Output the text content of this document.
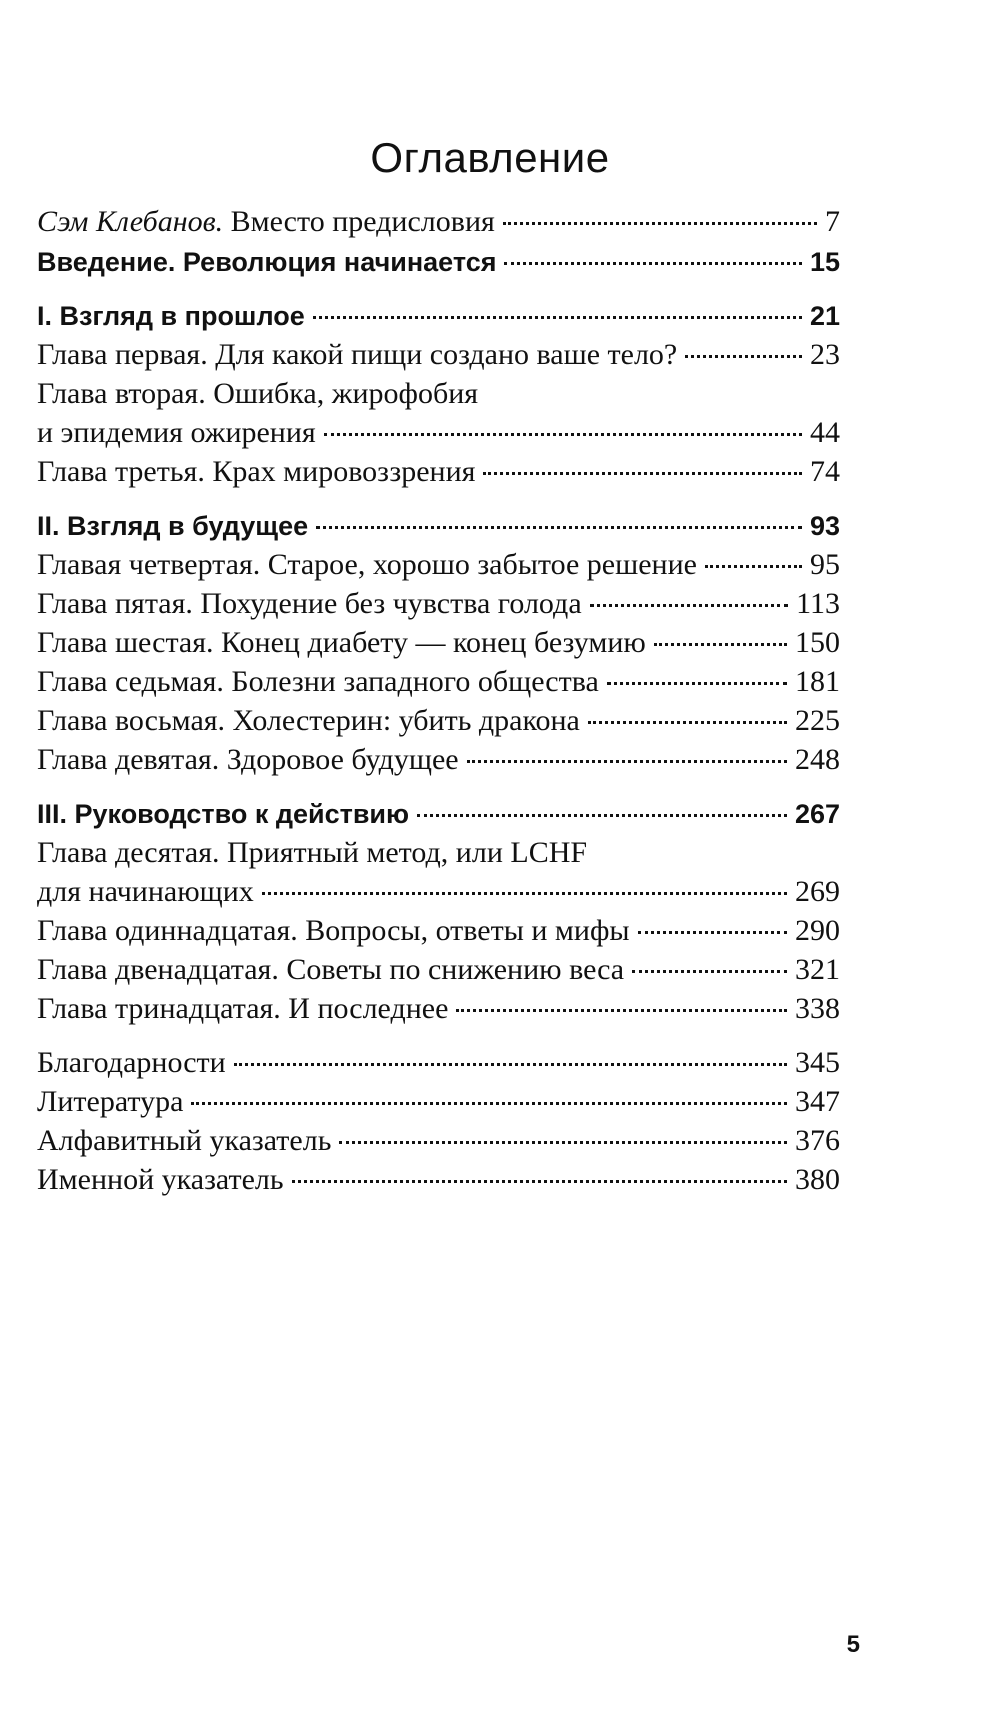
Оглавление
Сэм Клебанов. Вместо предисловия	7
Введение. Революция начинается	15
I. Взгляд в прошлое	21
Глава первая. Для какой пищи создано ваше тело?	23
Глава вторая. Ошибка, жирофобия
и эпидемия ожирения	44
Глава третья. Крах мировоззрения	74
II. Взгляд в будущее	93
Главая четвертая. Старое, хорошо забытое решение	95
Глава пятая. Похудение без чувства голода	113
Глава шестая. Конец диабету — конец безумию	150
Глава седьмая. Болезни западного общества	181
Глава восьмая. Холестерин: убить дракона	225
Глава девятая. Здоровое будущее	248
III. Руководство к действию	267
Глава десятая. Приятный метод, или LCHF
для начинающих	269
Глава одиннадцатая. Вопросы, ответы и мифы	290
Глава двенадцатая. Советы по снижению веса	321
Глава тринадцатая. И последнее	338
Благодарности	345
Литература	347
Алфавитный указатель	376
Именной указатель	380
5
